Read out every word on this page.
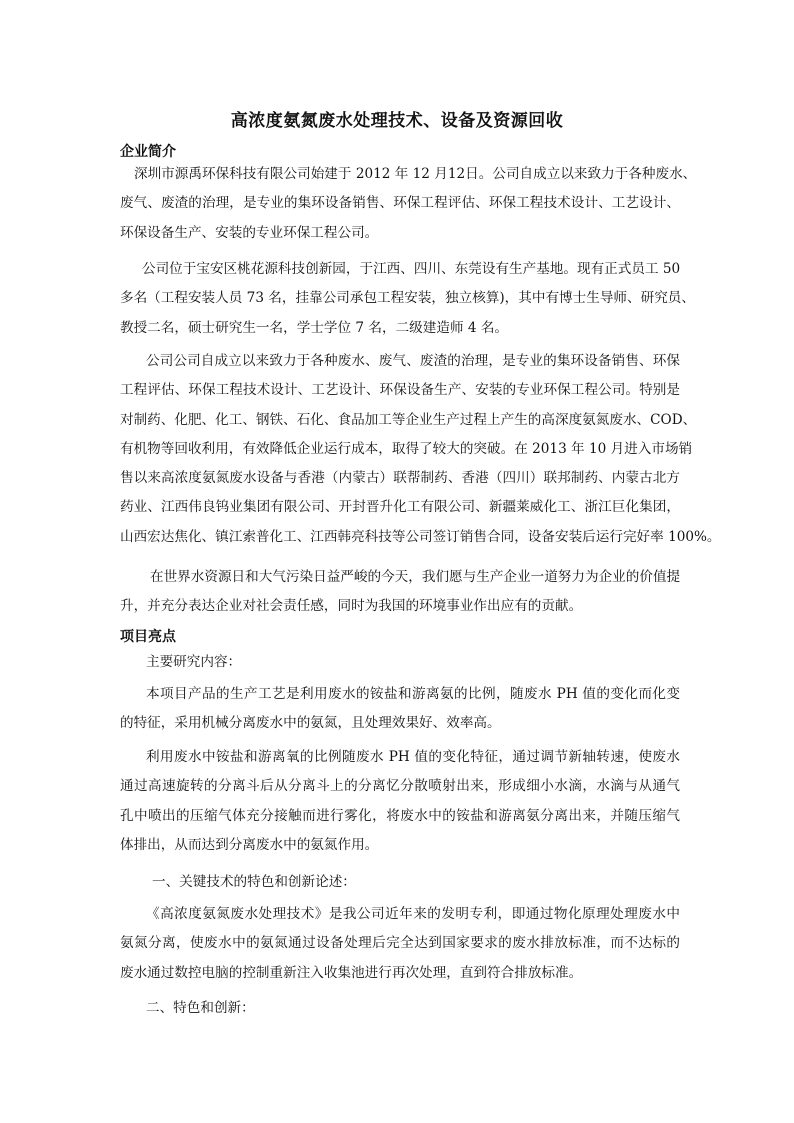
高浓度氨氮废水处理技术、设备及资源回收
企业简介
深圳市源禹环保科技有限公司始建于 2012 年 12 月12日。公司自成立以来致力于各种废水、
废气、废渣的治理，是专业的集环设备销售、环保工程评估、环保工程技术设计、工艺设计、
环保设备生产、安装的专业环保工程公司。
公司位于宝安区桃花源科技创新园，于江西、四川、东莞设有生产基地。现有正式员工 50
多名（工程安装人员 73 名，挂靠公司承包工程安装，独立核算)，其中有博士生导师、研究员、
教授二名，硕士研究生一名，学士学位 7 名，二级建造师 4 名。
公司公司自成立以来致力于各种废水、废气、废渣的治理，是专业的集环设备销售、环保
工程评估、环保工程技术设计、工艺设计、环保设备生产、安装的专业环保工程公司。特别是
对制药、化肥、化工、钢铁、石化、食品加工等企业生产过程上产生的高深度氨氮废水、COD、
有机物等回收利用，有效降低企业运行成本，取得了较大的突破。在 2013 年 10 月进入市场销
售以来高浓度氨氮废水设备与香港（内蒙古）联帮制药、香港（四川）联邦制药、内蒙古北方
药业、江西伟良钨业集团有限公司、开封晋升化工有限公司、新疆莱威化工、浙江巨化集团，
山西宏达焦化、镇江索普化工、江西韩亮科技等公司签订销售合同，设备安装后运行完好率 100%。
在世界水资源日和大气污染日益严峻的今天，我们愿与生产企业一道努力为企业的价值提
升，并充分表达企业对社会责任感，同时为我国的环境事业作出应有的贡献。
项目亮点
主要研究内容：
本项目产品的生产工艺是利用废水的铵盐和游离氨的比例，随废水 PH 值的变化而化变
的特征，采用机械分离废水中的氨氮，且处理效果好、效率高。
利用废水中铵盐和游离氧的比例随废水 PH 值的变化特征，通过调节新轴转速，使废水
通过高速旋转的分离斗后从分离斗上的分离忆分散喷射出来，形成细小水滴，水滴与从通气
孔中喷出的压缩气体充分接触而进行雾化，将废水中的铵盐和游离氨分离出来，并随压缩气
体排出，从而达到分离废水中的氨氮作用。
一、关键技术的特色和创新论述：
《高浓度氨氮废水处理技术》是我公司近年来的发明专利，即通过物化原理处理废水中
氨氮分离，使废水中的氨氮通过设备处理后完全达到国家要求的废水排放标准，而不达标的
废水通过数控电脑的控制重新注入收集池进行再次处理，直到符合排放标准。
二、特色和创新：
